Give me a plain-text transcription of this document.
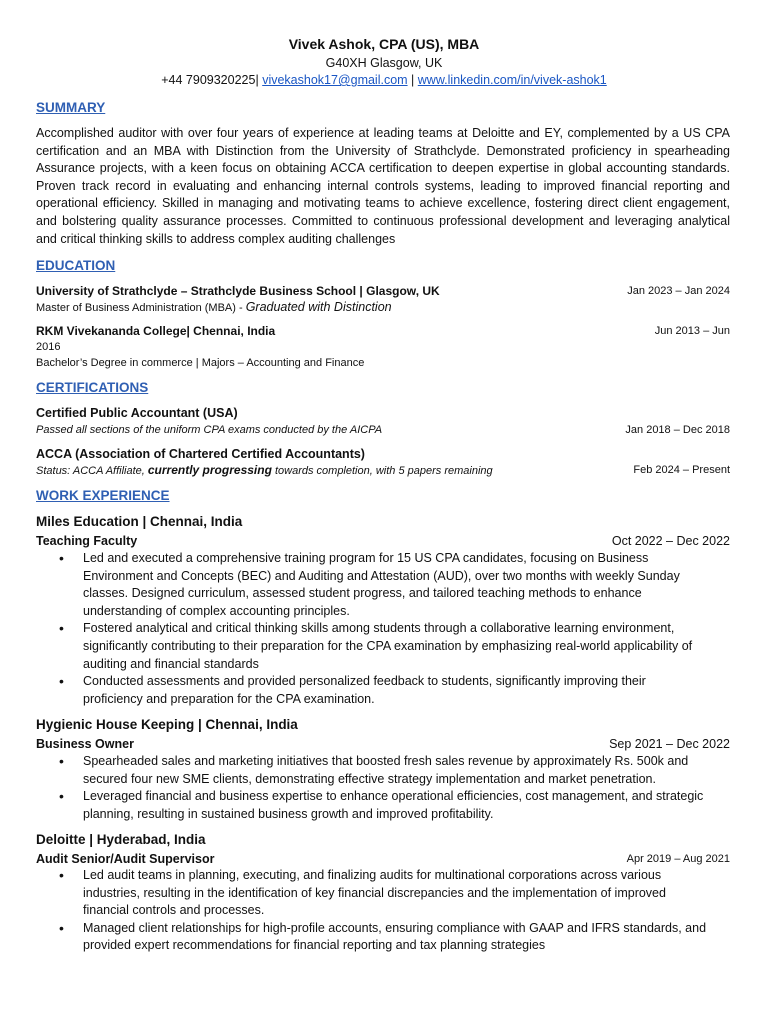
Vivek Ashok, CPA (US), MBA
G40XH Glasgow, UK
+44 7909320225| vivekashok17@gmail.com | www.linkedin.com/in/vivek-ashok1
SUMMARY
Accomplished auditor with over four years of experience at leading teams at Deloitte and EY, complemented by a US CPA certification and an MBA with Distinction from the University of Strathclyde. Demonstrated proficiency in spearheading Assurance projects, with a keen focus on obtaining ACCA certification to deepen expertise in global accounting standards. Proven track record in evaluating and enhancing internal controls systems, leading to improved financial reporting and operational efficiency. Skilled in managing and motivating teams to achieve excellence, fostering direct client engagement, and bolstering quality assurance processes. Committed to continuous professional development and leveraging analytical and critical thinking skills to address complex auditing challenges
EDUCATION
University of Strathclyde – Strathclyde Business School | Glasgow, UK	Jan 2023 – Jan 2024
Master of Business Administration (MBA) - Graduated with Distinction
RKM Vivekananda College| Chennai, India	Jun 2013 – Jun
2016
Bachelor’s Degree in commerce | Majors – Accounting and Finance
CERTIFICATIONS
Certified Public Accountant (USA)
Passed all sections of the uniform CPA exams conducted by the AICPA	Jan 2018 – Dec 2018
ACCA (Association of Chartered Certified Accountants)
Status: ACCA Affiliate, currently progressing towards completion, with 5 papers remaining	Feb 2024 – Present
WORK EXPERIENCE
Miles Education | Chennai, India
Teaching Faculty	Oct 2022 – Dec 2022
• Led and executed a comprehensive training program for 15 US CPA candidates, focusing on Business
Environment and Concepts (BEC) and Auditing and Attestation (AUD), over two months with weekly Sunday
classes. Designed curriculum, assessed student progress, and tailored teaching methods to enhance
understanding of complex accounting principles.
• Fostered analytical and critical thinking skills among students through a collaborative learning environment,
significantly contributing to their preparation for the CPA examination by emphasizing real-world applicability of
auditing and financial standards
• Conducted assessments and provided personalized feedback to students, significantly improving their
proficiency and preparation for the CPA examination.
Hygienic House Keeping | Chennai, India
Business Owner	Sep 2021 – Dec 2022
• Spearheaded sales and marketing initiatives that boosted fresh sales revenue by approximately Rs. 500k and
secured four new SME clients, demonstrating effective strategy implementation and market penetration.
• Leveraged financial and business expertise to enhance operational efficiencies, cost management, and strategic
planning, resulting in sustained business growth and improved profitability.
Deloitte | Hyderabad, India
Audit Senior/Audit Supervisor	Apr 2019 – Aug 2021
• Led audit teams in planning, executing, and finalizing audits for multinational corporations across various
industries, resulting in the identification of key financial discrepancies and the implementation of improved
financial controls and processes.
• Managed client relationships for high-profile accounts, ensuring compliance with GAAP and IFRS standards, and
provided expert recommendations for financial reporting and tax planning strategies
